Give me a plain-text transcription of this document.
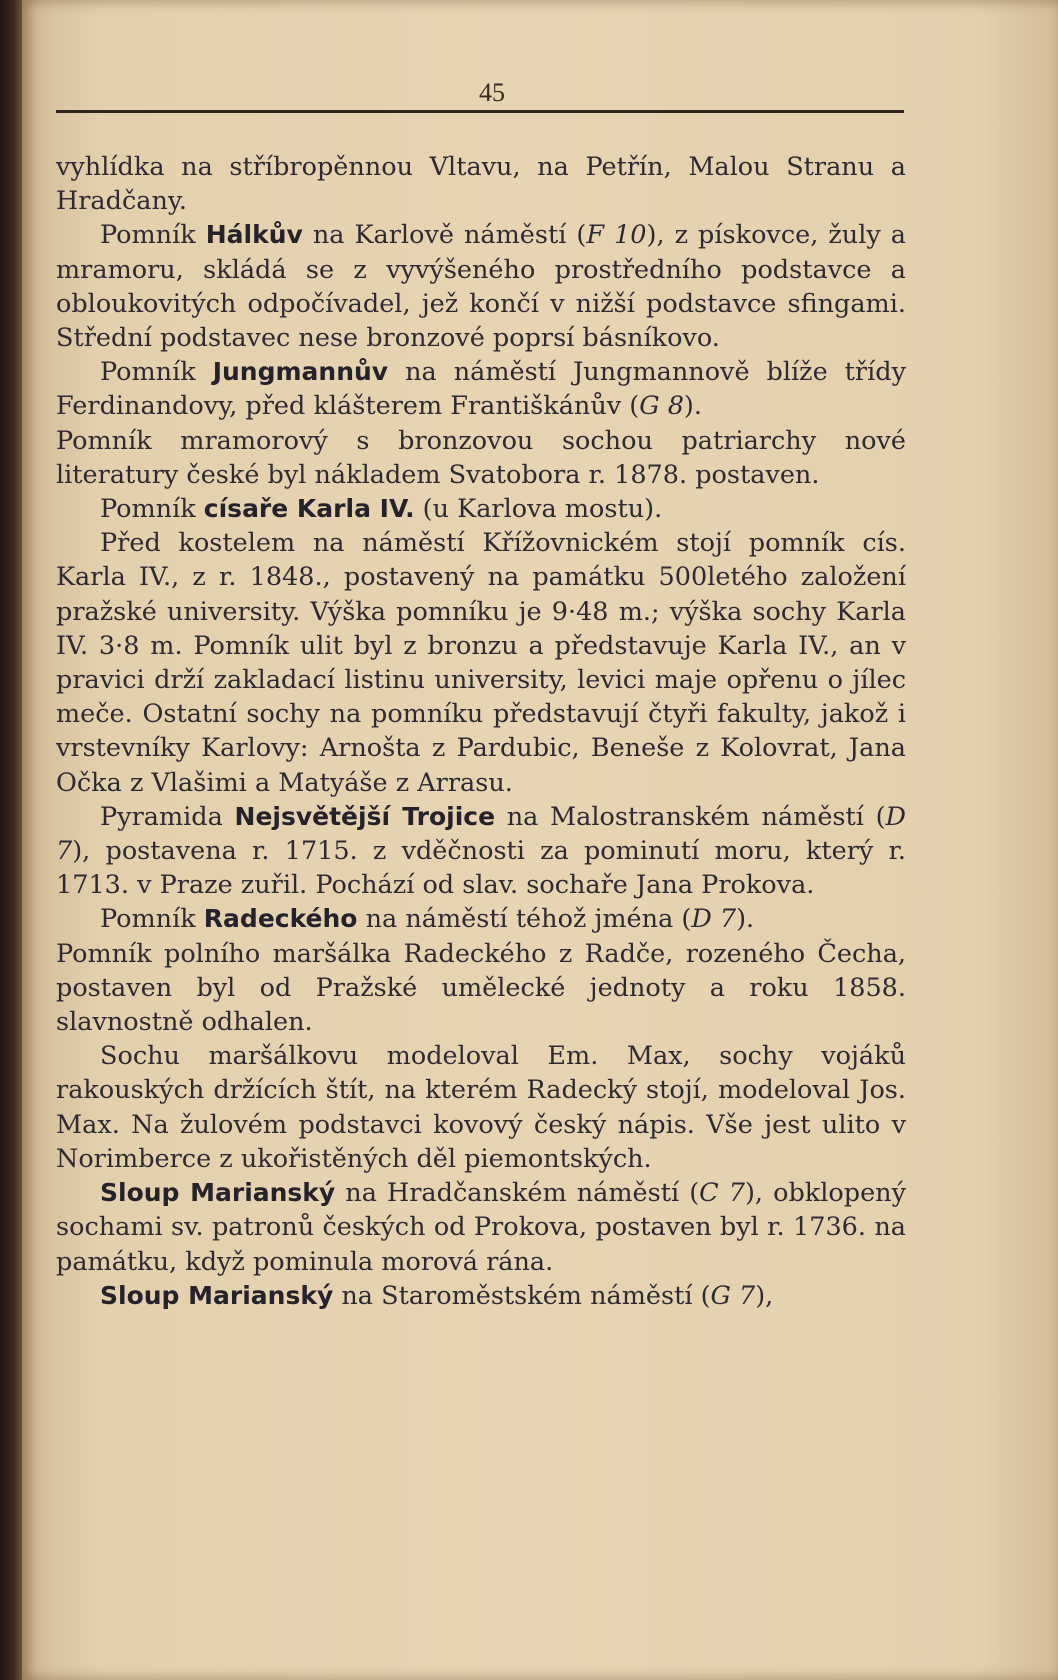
45

vyhlídka na stříbropěnnou Vltavu, na Petřín, Malou Stranu a Hradčany.

Pomník Hálkův na Karlově náměstí (F 10), z pískovce, žuly a mramoru, skládá se z vyvýšeného prostředního podstavce a obloukovitých odpočívadel, jež končí v nižší podstavce sfingami. Střední podstavec nese bronzové poprsí básníkovo.

Pomník Jungmannův na náměstí Jungmannově blíže třídy Ferdinandovy, před klášterem Františkánův (G 8).

Pomník mramorový s bronzovou sochou patriarchy nové literatury české byl nákladem Svatobora r. 1878. postaven.

Pomník císaře Karla IV. (u Karlova mostu).

Před kostelem na náměstí Křížovnickém stojí pomník cís. Karla IV., z r. 1848., postavený na památku 500letého založení pražské university. Výška pomníku je 9·48 m.; výška sochy Karla IV. 3·8 m. Pomník ulit byl z bronzu a představuje Karla IV., an v pravici drží zakladací listinu university, levici maje opřenu o jílec meče. Ostatní sochy na pomníku představují čtyři fakulty, jakož i vrstevníky Karlovy: Arnošta z Pardubic, Beneše z Kolovrat, Jana Očka z Vlašimi a Matyáše z Arrasu.

Pyramida Nejsvětější Trojice na Malostranském náměstí (D 7), postavena r. 1715. z vděčnosti za pominutí moru, který r. 1713. v Praze zuřil. Pochází od slav. sochaře Jana Prokova.

Pomník Radeckého na náměstí téhož jména (D 7).

Pomník polního maršálka Radeckého z Radče, rozeného Čecha, postaven byl od Pražské umělecké jednoty a roku 1858. slavnostně odhalen.

Sochu maršálkovu modeloval Em. Max, sochy vojáků rakouských držících štít, na kterém Radecký stojí, modeloval Jos. Max. Na žulovém podstavci kovový český nápis. Vše jest ulito v Norimberce z ukořistěných děl piemontských.

Sloup Marianský na Hradčanském náměstí (C 7), obklopený sochami sv. patronů českých od Prokova, postaven byl r. 1736. na památku, když pominula morová rána.

Sloup Marianský na Staroměstském náměstí (G 7),
